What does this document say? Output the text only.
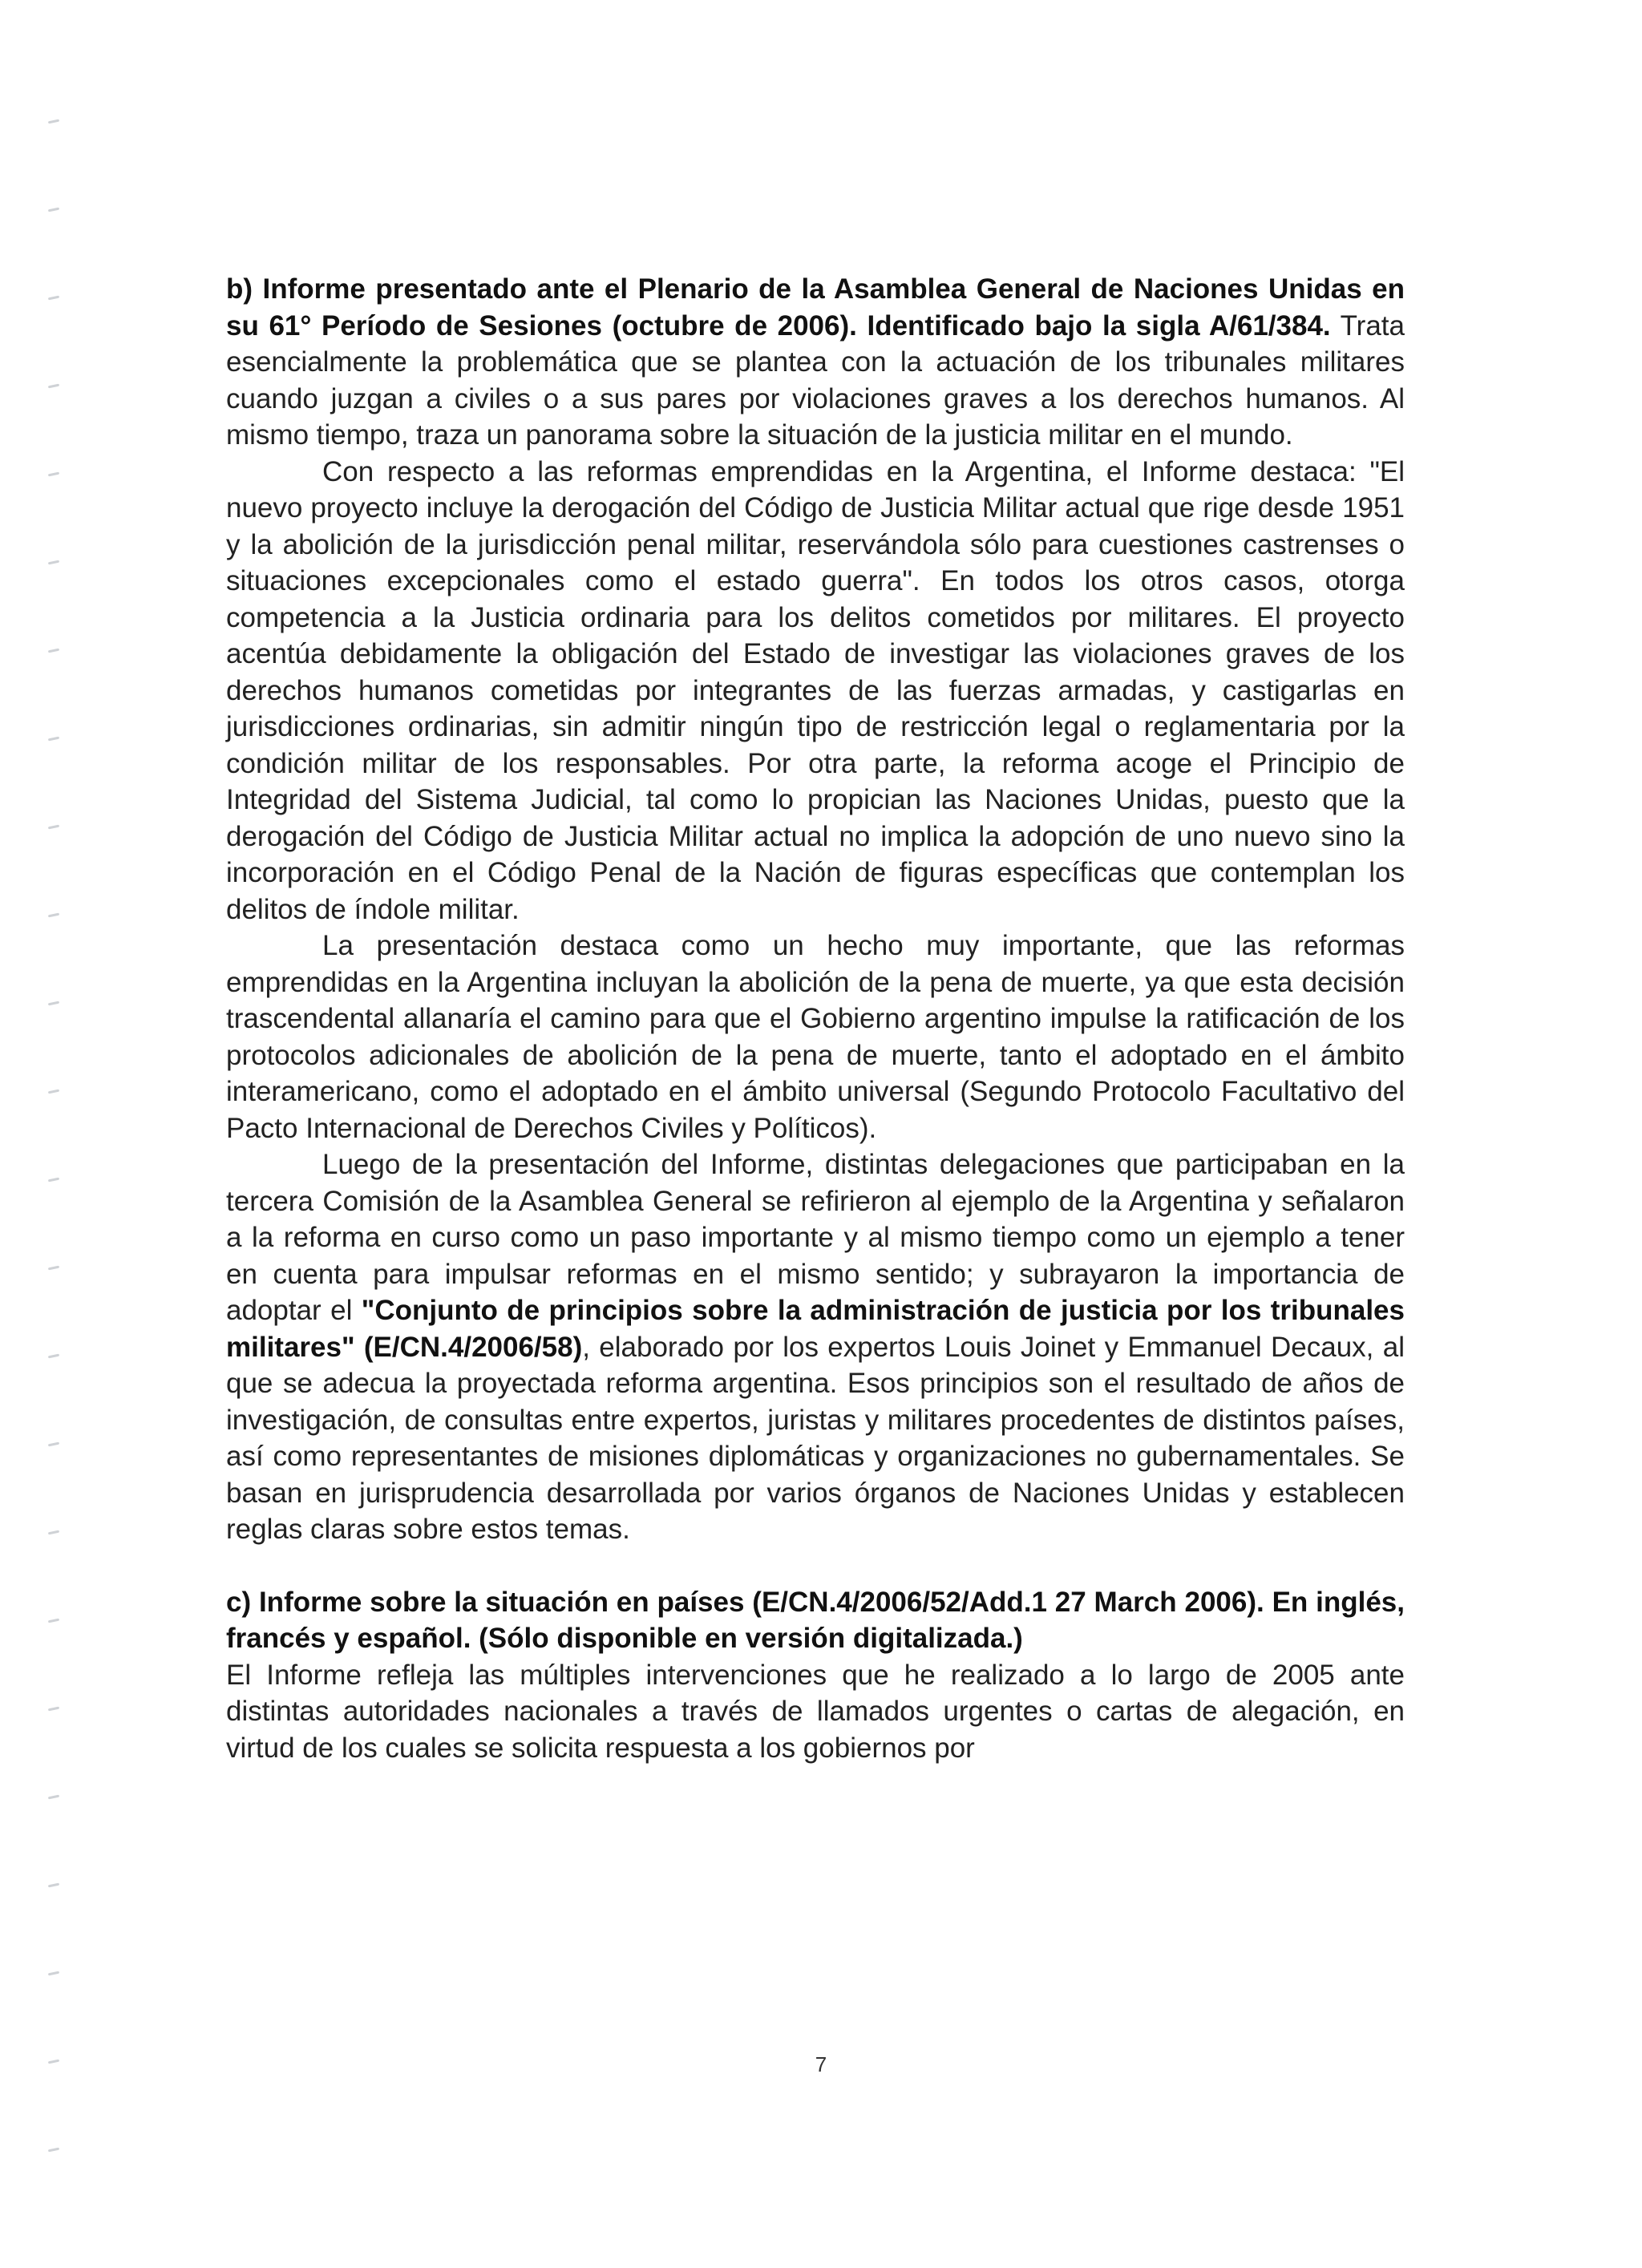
b) Informe presentado ante el Plenario de la Asamblea General de Naciones Unidas en su 61° Período de Sesiones (octubre de 2006). Identificado bajo la sigla A/61/384. Trata esencialmente la problemática que se plantea con la actuación de los tribunales militares cuando juzgan a civiles o a sus pares por violaciones graves a los derechos humanos. Al mismo tiempo, traza un panorama sobre la situación de la justicia militar en el mundo.

Con respecto a las reformas emprendidas en la Argentina, el Informe destaca: "El nuevo proyecto incluye la derogación del Código de Justicia Militar actual que rige desde 1951 y la abolición de la jurisdicción penal militar, reservándola sólo para cuestiones castrenses o situaciones excepcionales como el estado guerra". En todos los otros casos, otorga competencia a la Justicia ordinaria para los delitos cometidos por militares. El proyecto acentúa debidamente la obligación del Estado de investigar las violaciones graves de los derechos humanos cometidas por integrantes de las fuerzas armadas, y castigarlas en jurisdicciones ordinarias, sin admitir ningún tipo de restricción legal o reglamentaria por la condición militar de los responsables. Por otra parte, la reforma acoge el Principio de Integridad del Sistema Judicial, tal como lo propician las Naciones Unidas, puesto que la derogación del Código de Justicia Militar actual no implica la adopción de uno nuevo sino la incorporación en el Código Penal de la Nación de figuras específicas que contemplan los delitos de índole militar.

La presentación destaca como un hecho muy importante, que las reformas emprendidas en la Argentina incluyan la abolición de la pena de muerte, ya que esta decisión trascendental allanaría el camino para que el Gobierno argentino impulse la ratificación de los protocolos adicionales de abolición de la pena de muerte, tanto el adoptado en el ámbito interamericano, como el adoptado en el ámbito universal (Segundo Protocolo Facultativo del Pacto Internacional de Derechos Civiles y Políticos).

Luego de la presentación del Informe, distintas delegaciones que participaban en la tercera Comisión de la Asamblea General se refirieron al ejemplo de la Argentina y señalaron a la reforma en curso como un paso importante y al mismo tiempo como un ejemplo a tener en cuenta para impulsar reformas en el mismo sentido; y subrayaron la importancia de adoptar el "Conjunto de principios sobre la administración de justicia por los tribunales militares" (E/CN.4/2006/58), elaborado por los expertos Louis Joinet y Emmanuel Decaux, al que se adecua la proyectada reforma argentina. Esos principios son el resultado de años de investigación, de consultas entre expertos, juristas y militares procedentes de distintos países, así como representantes de misiones diplomáticas y organizaciones no gubernamentales. Se basan en jurisprudencia desarrollada por varios órganos de Naciones Unidas y establecen reglas claras sobre estos temas.

c) Informe sobre la situación en países (E/CN.4/2006/52/Add.1 27 March 2006). En inglés, francés y español. (Sólo disponible en versión digitalizada.)

El Informe refleja las múltiples intervenciones que he realizado a lo largo de 2005 ante distintas autoridades nacionales a través de llamados urgentes o cartas de alegación, en virtud de los cuales se solicita respuesta a los gobiernos por

7
